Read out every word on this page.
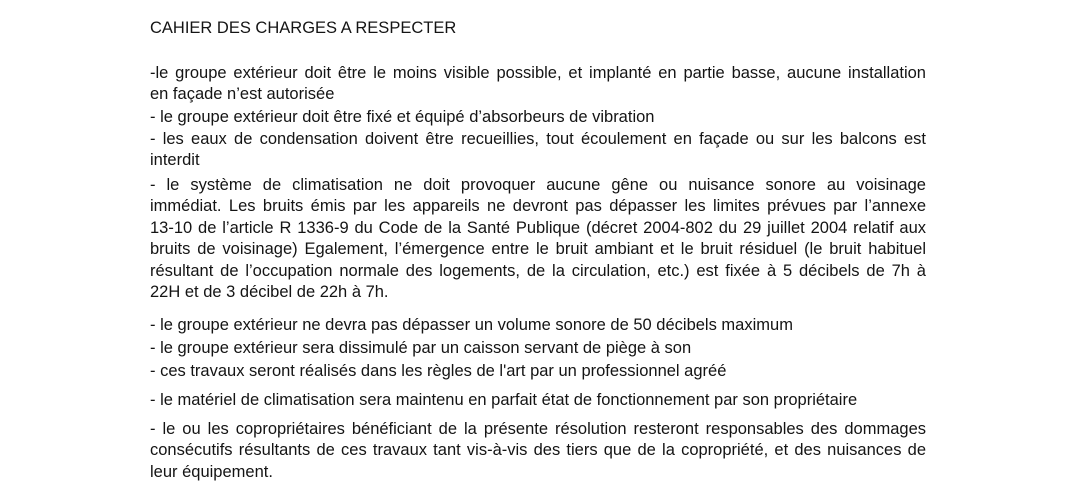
CAHIER DES CHARGES A RESPECTER
-le groupe extérieur doit être le moins visible possible, et implanté en partie basse, aucune installation
en façade n’est autorisée
- le groupe extérieur doit être fixé et équipé d’absorbeurs de vibration
- les eaux de condensation doivent être recueillies, tout écoulement en façade ou sur les balcons est
interdit
- le système de climatisation ne doit provoquer aucune gêne ou nuisance sonore au voisinage
immédiat. Les bruits émis par les appareils ne devront pas dépasser les limites prévues par l’annexe
13-10 de l’article R 1336-9 du Code de la Santé Publique (décret 2004-802 du 29 juillet 2004 relatif aux
bruits de voisinage) Egalement, l’émergence entre le bruit ambiant et le bruit résiduel (le bruit habituel
résultant de l’occupation normale des logements, de la circulation, etc.) est fixée à 5 décibels de 7h à
22H et de 3 décibel de 22h à 7h.
- le groupe extérieur ne devra pas dépasser un volume sonore de 50 décibels maximum
- le groupe extérieur sera dissimulé par un caisson servant de piège à son
- ces travaux seront réalisés dans les règles de l'art par un professionnel agréé
- le matériel de climatisation sera maintenu en parfait état de fonctionnement par son propriétaire
- le ou les copropriétaires bénéficiant de la présente résolution resteront responsables des dommages
consécutifs résultants de ces travaux tant vis-à-vis des tiers que de la copropriété, et des nuisances de
leur équipement.
